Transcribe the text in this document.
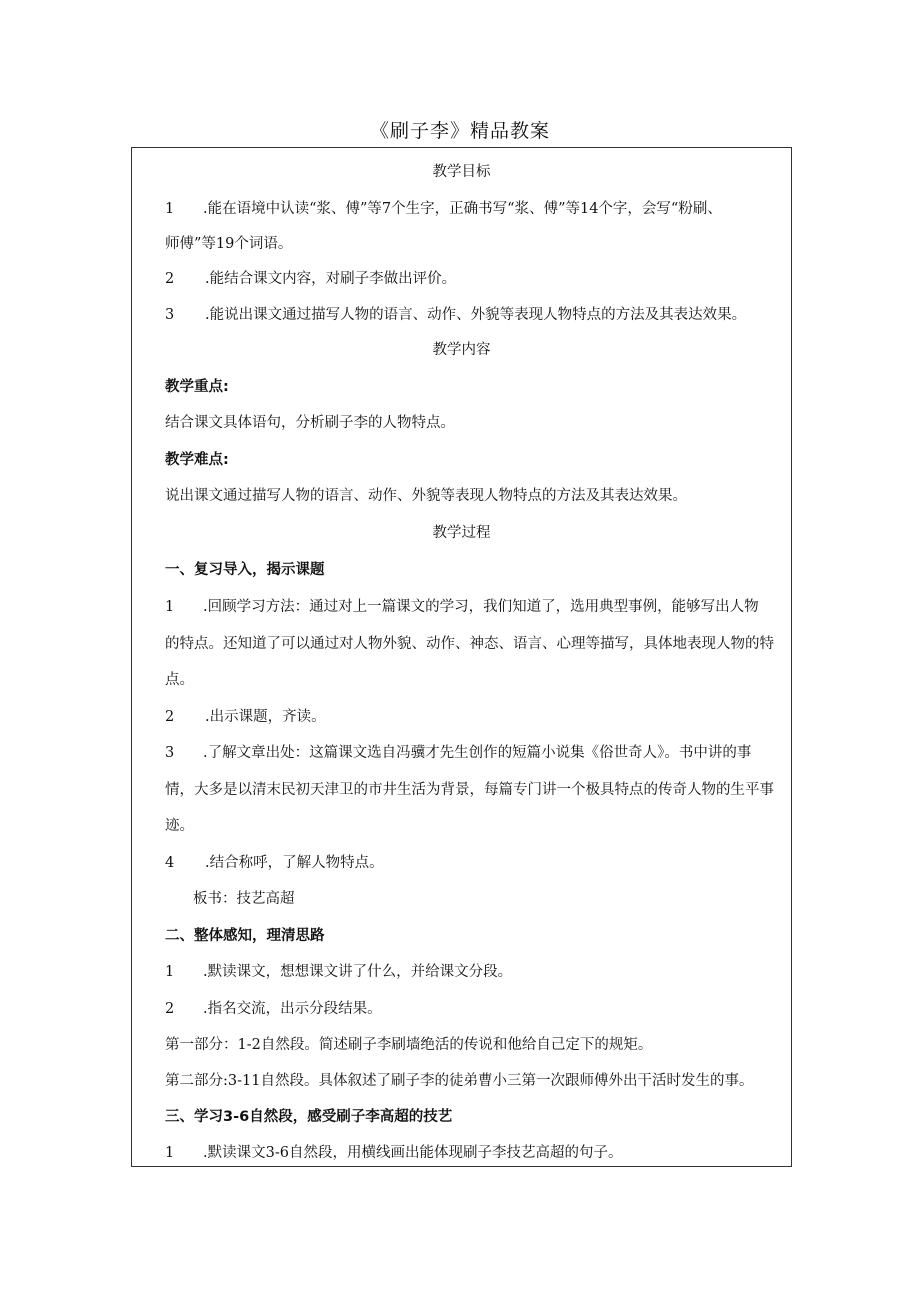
《刷子李》精品教案
教学目标
1 .能在语境中认读“浆、傅”等7个生字，正确书写“浆、傅”等14个字，会写“粉刷、
师傅”等19个词语。
2 .能结合课文内容，对刷子李做出评价。
3 .能说出课文通过描写人物的语言、动作、外貌等表现人物特点的方法及其表达效果。
教学内容
教学重点:
结合课文具体语句，分析刷子李的人物特点。
教学难点:
说出课文通过描写人物的语言、动作、外貌等表现人物特点的方法及其表达效果。
教学过程
一、复习导入，揭示课题
1 .回顾学习方法：通过对上一篇课文的学习，我们知道了，选用典型事例，能够写出人物
的特点。还知道了可以通过对人物外貌、动作、神态、语言、心理等描写，具体地表现人物的特
点。
2 .出示课题，齐读。
3 .了解文章出处：这篇课文选自冯骥才先生创作的短篇小说集《俗世奇人》。书中讲的事
情，大多是以清末民初天津卫的市井生活为背景，每篇专门讲一个极具特点的传奇人物的生平事
迹。
4 .结合称呼，了解人物特点。
板书：技艺高超
二、整体感知，理清思路
1 .默读课文，想想课文讲了什么，并给课文分段。
2 .指名交流，出示分段结果。
第一部分：1-2自然段。简述刷子李刷墙绝活的传说和他给自己定下的规矩。
第二部分:3-11自然段。具体叙述了刷子李的徒弟曹小三第一次跟师傅外出干活时发生的事。
三、学习3-6自然段，感受刷子李高超的技艺
1 .默读课文3-6自然段，用横线画出能体现刷子李技艺高超的句子。
